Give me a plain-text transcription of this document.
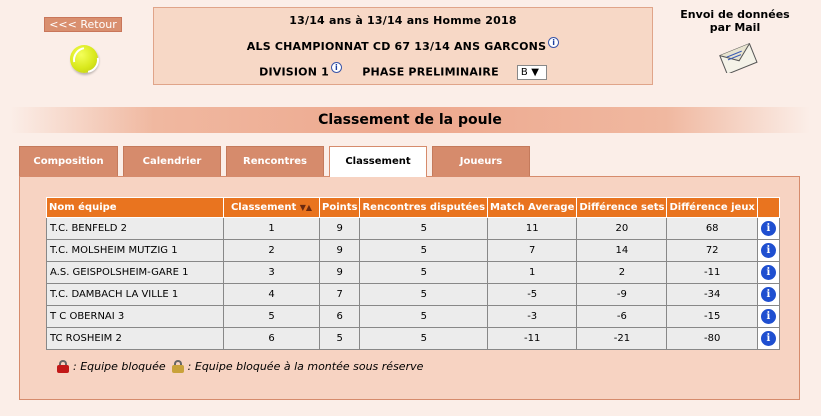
<<< Retour	13/14 ans à 13/14 ans Homme 2018
ALS CHAMPIONNAT CD 67 13/14 ANS GARCONS i
DIVISION 1 i PHASE PRELIMINAIRE B ▼
Envoi de données
par Mail
Classement de la poule
Composition	Calendrier	Rencontres	Classement	Joueurs
Nom équipe	Classement ▼▲	Points	Rencontres disputées	Match Average	Différence sets	Différence jeux	
T.C. BENFELD 2	1	9	5	11	20	68	i
T.C. MOLSHEIM MUTZIG 1	2	9	5	7	14	72	i
A.S. GEISPOLSHEIM-GARE 1	3	9	5	1	2	-11	i
T.C. DAMBACH LA VILLE 1	4	7	5	-5	-9	-34	i
T C OBERNAI 3	5	6	5	-3	-6	-15	i
TC ROSHEIM 2	6	5	5	-11	-21	-80	i
: Equipe bloquée : Equipe bloquée à la montée sous réserve
